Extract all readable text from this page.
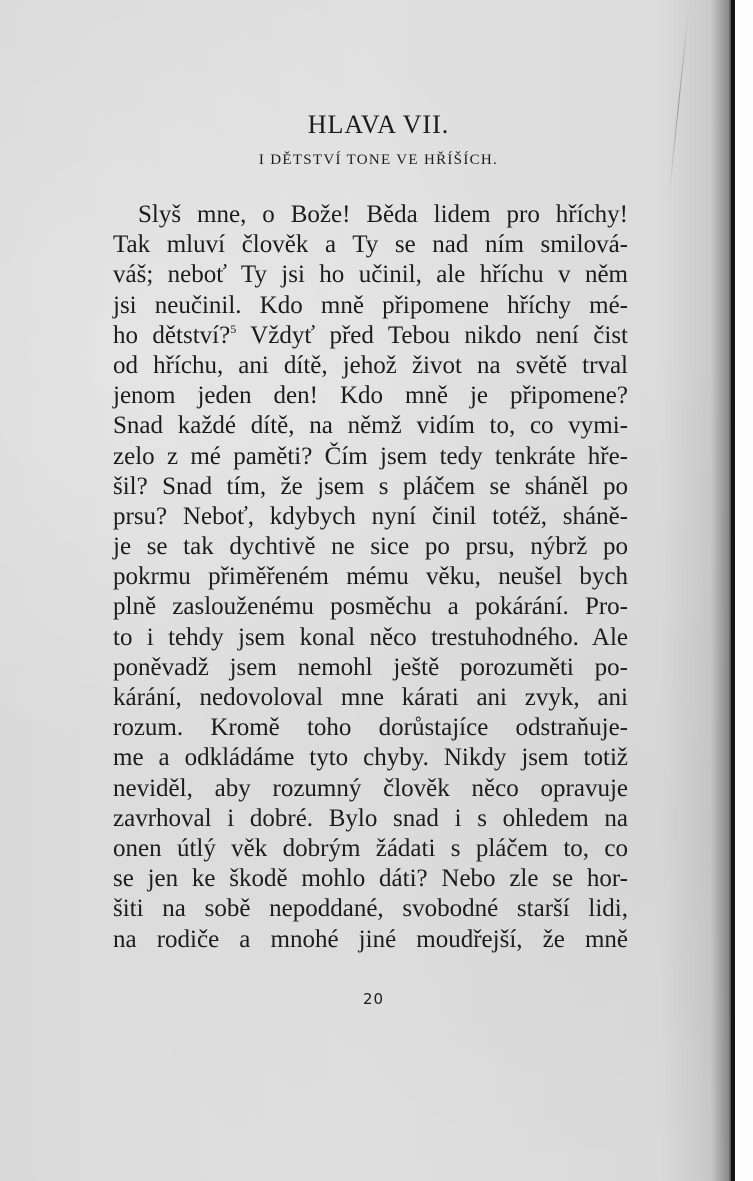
HLAVA VII.
I DĚTSTVÍ TONE VE HŘÍŠÍCH.
Slyš mne, o Bože! Běda lidem pro hříchy!
Tak mluví člověk a Ty se nad ním smilová-
váš; neboť Ty jsi ho učinil, ale hříchu v něm
jsi neučinil. Kdo mně připomene hříchy mé-
ho dětství?$^5$ Vždyť před Tebou nikdo není čist
od hříchu, ani dítě, jehož život na světě trval
jenom jeden den! Kdo mně je připomene?
Snad každé dítě, na němž vidím to, co vymi-
zelo z mé paměti? Čím jsem tedy tenkráte hře-
šil? Snad tím, že jsem s pláčem se sháněl po
prsu? Neboť, kdybych nyní činil totéž, sháně-
je se tak dychtivě ne sice po prsu, nýbrž po
pokrmu přiměřeném mému věku, neušel bych
plně zaslouženému posměchu a pokárání. Pro-
to i tehdy jsem konal něco trestuhodného. Ale
poněvadž jsem nemohl ještě porozuměti po-
kárání, nedovoloval mne kárati ani zvyk, ani
rozum. Kromě toho dorůstajíce odstraňuje-
me a odkládáme tyto chyby. Nikdy jsem totiž
neviděl, aby rozumný člověk něco opravuje
zavrhoval i dobré. Bylo snad i s ohledem na
onen útlý věk dobrým žádati s pláčem to, co
se jen ke škodě mohlo dáti? Nebo zle se hor-
šiti na sobě nepoddané, svobodné starší lidi,
na rodiče a mnohé jiné moudřejší, že mně
20
